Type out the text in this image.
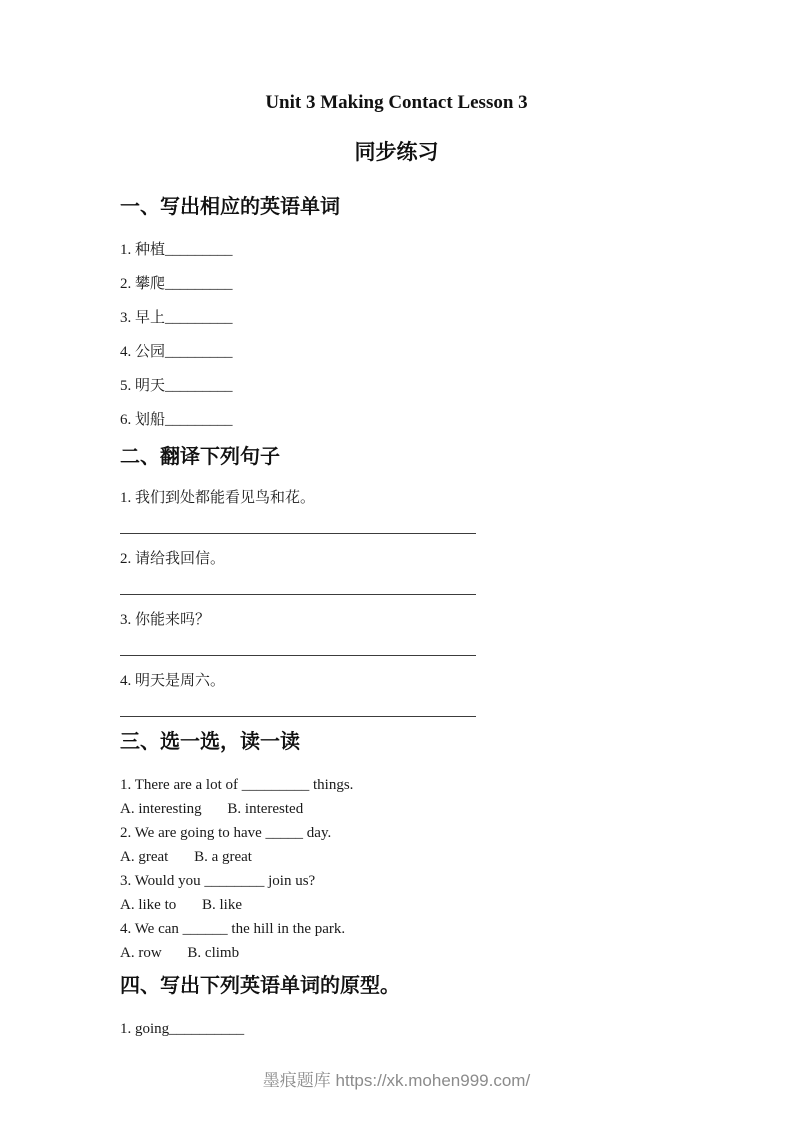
Unit 3 Making Contact Lesson 3
同步练习
一、写出相应的英语单词
1. 种植_________
2. 攀爬_________
3. 早上_________
4. 公园_________
5. 明天_________
6. 划船_________
二、翻译下列句子
1. 我们到处都能看见鸟和花。
2. 请给我回信。
3. 你能来吗？
4. 明天是周六。
三、选一选，读一读
1. There are a lot of _________ things.
A. interesting B. interested
2. We are going to have _____ day.
A. great B. a great
3. Would you ________ join us?
A. like to B. like
4. We can ______ the hill in the park.
A. row B. climb
四、写出下列英语单词的原型。
1. going__________
墨痕题库 https://xk.mohen999.com/
